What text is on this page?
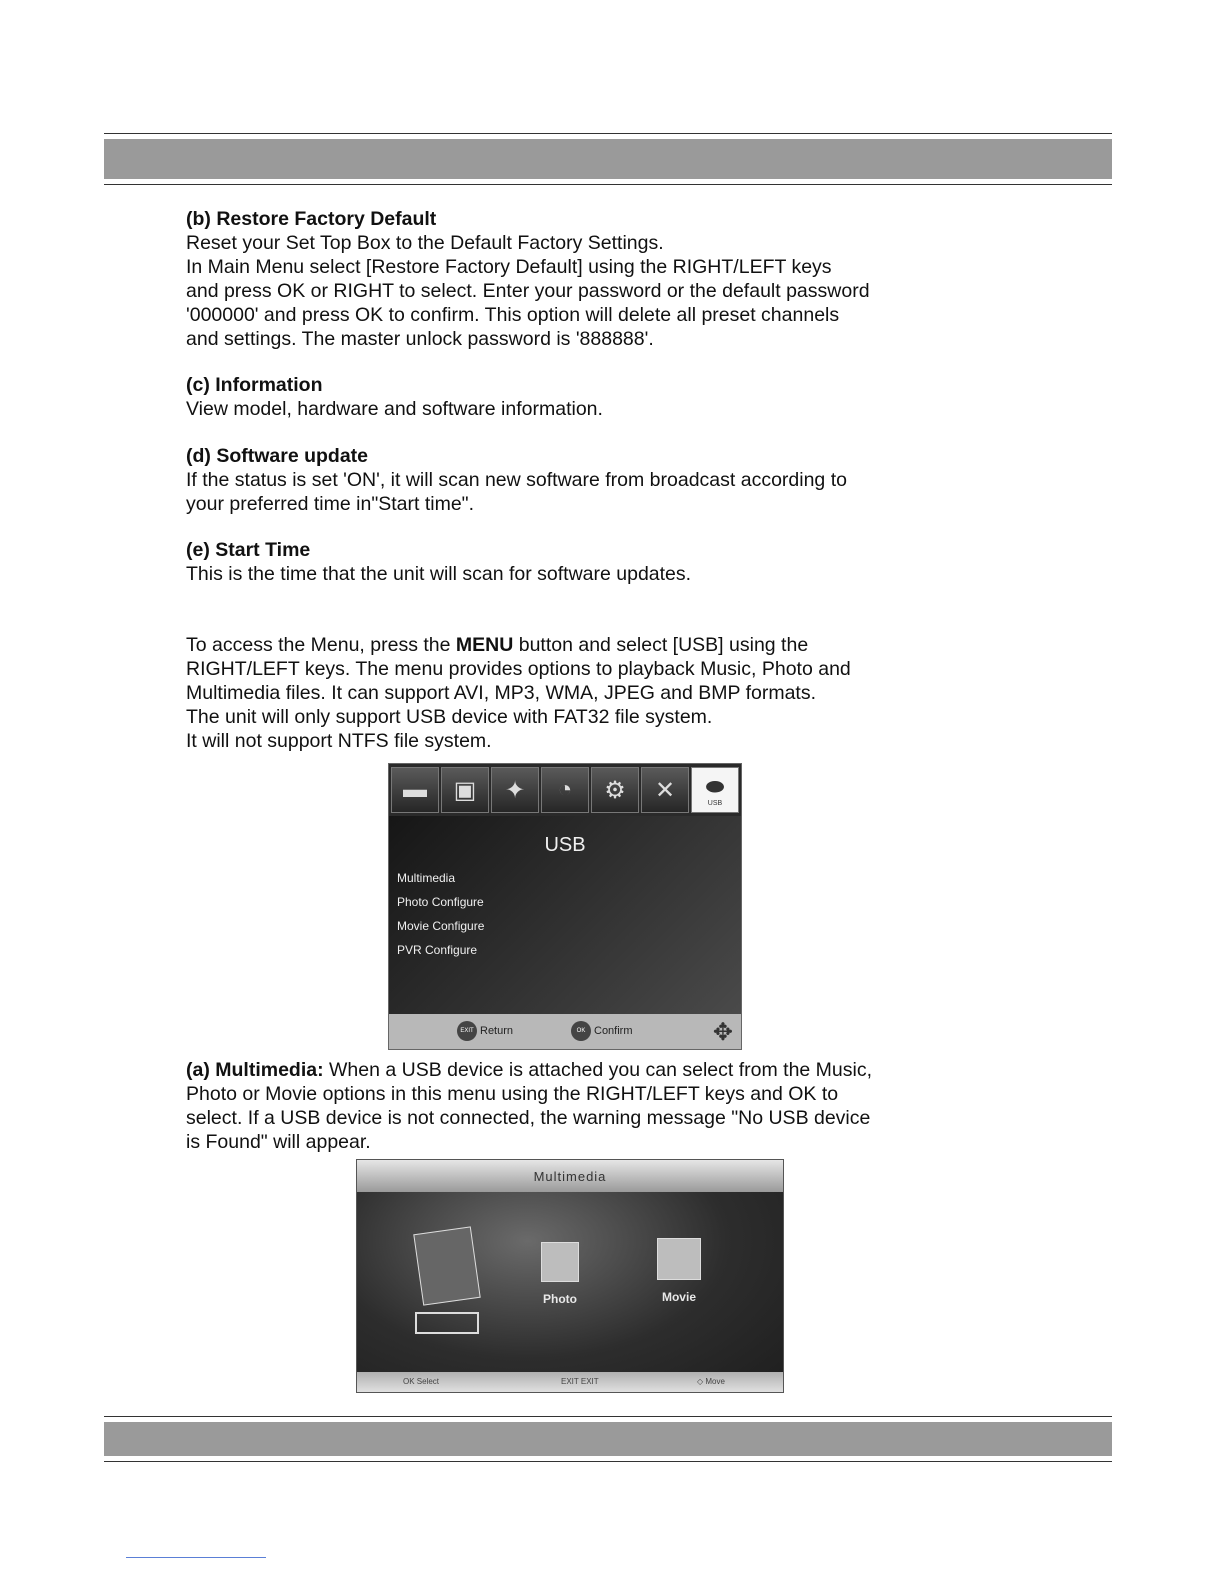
(b) Restore Factory Default

Reset your Set Top Box to the Default Factory Settings.

In Main Menu select [Restore Factory Default] using the RIGHT/LEFT keys

and press OK or RIGHT to select. Enter your password or the default password

'000000' and press OK to confirm. This option will delete all preset channels

and settings. The master unlock password is '888888'.

(c) Information

View model, hardware and software information.

(d) Software update

If the status is set 'ON', it will scan new software from broadcast according to

your preferred time in"Start time".

(e) Start Time

This is the time that the unit will scan for software updates.

To access the Menu, press the MENU button and select [USB] using the

RIGHT/LEFT keys. The menu provides options to playback Music, Photo and

Multimedia files. It can support AVI, MP3, WMA, JPEG and BMP formats.

The unit will only support USB device with FAT32 file system.

It will not support NTFS file system.

▬	▣	✦	◔	⚙	✕	⬬
USB
USB
Multimedia
Photo Configure
Movie Configure
PVR Configure
EXIT Return	OK Confirm	✥

(a) Multimedia: When a USB device is attached you can select from the Music,

Photo or Movie options in this menu using the RIGHT/LEFT keys and OK to

select. If a USB device is not connected, the warning message "No USB device

is Found" will appear.

Multimedia
Photo	Movie
OK Select	EXIT EXIT	◇ Move
